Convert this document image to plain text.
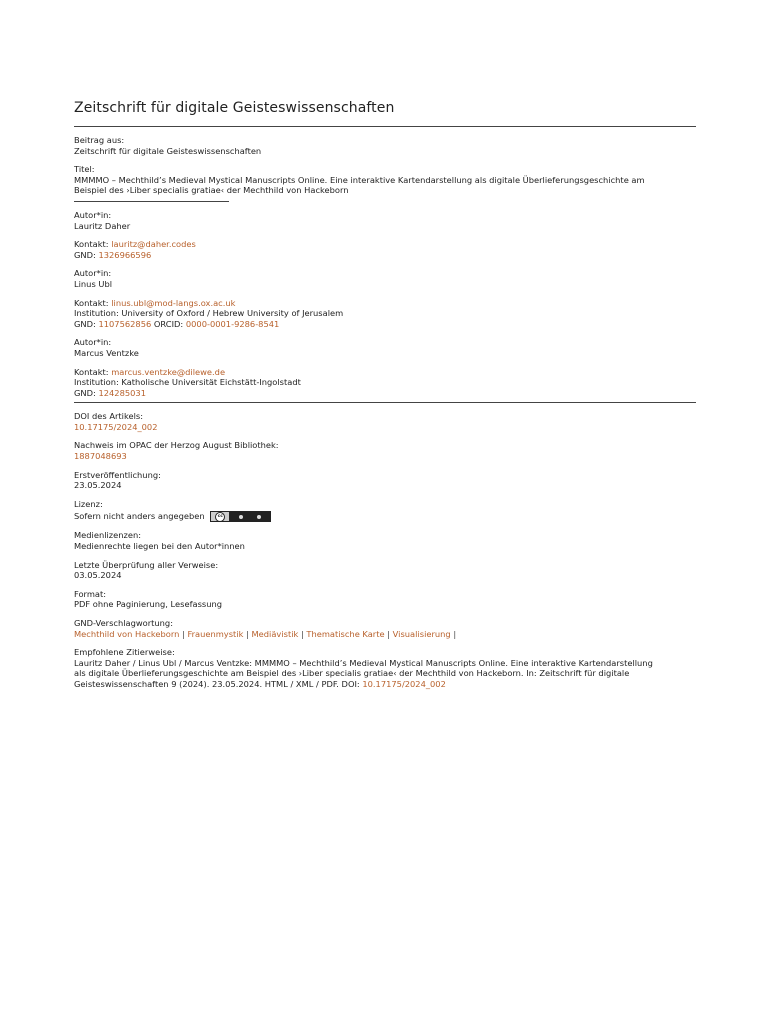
Zeitschrift für digitale Geisteswissenschaften
Beitrag aus:
Zeitschrift für digitale Geisteswissenschaften
Titel:
MMMMO – Mechthild’s Medieval Mystical Manuscripts Online. Eine interaktive Kartendarstellung als digitale Überlieferungsgeschichte am
Beispiel des ›Liber specialis gratiae‹ der Mechthild von Hackeborn
Autor*in:
Lauritz Daher
Kontakt: lauritz@daher.codes
GND: 1326966596
Autor*in:
Linus Ubl
Kontakt: linus.ubl@mod-langs.ox.ac.uk
Institution: University of Oxford / Hebrew University of Jerusalem
GND: 1107562856 ORCID: 0000-0001-9286-8541
Autor*in:
Marcus Ventzke
Kontakt: marcus.ventzke@dilewe.de
Institution: Katholische Universität Eichstätt-Ingolstadt
GND: 124285031
DOI des Artikels:
10.17175/2024_002
Nachweis im OPAC der Herzog August Bibliothek:
1887048693
Erstveröffentlichung:
23.05.2024
Lizenz:
Sofern nicht anders angegeben	cc
Medienlizenzen:
Medienrechte liegen bei den Autor*innen
Letzte Überprüfung aller Verweise:
03.05.2024
Format:
PDF ohne Paginierung, Lesefassung
GND-Verschlagwortung:
Mechthild von Hackeborn | Frauenmystik | Mediävistik | Thematische Karte | Visualisierung |
Empfohlene Zitierweise:
Lauritz Daher / Linus Ubl / Marcus Ventzke: MMMMO – Mechthild’s Medieval Mystical Manuscripts Online. Eine interaktive Kartendarstellung
als digitale Überlieferungsgeschichte am Beispiel des ›Liber specialis gratiae‹ der Mechthild von Hackeborn. In: Zeitschrift für digitale
Geisteswissenschaften 9 (2024). 23.05.2024. HTML / XML / PDF. DOI: 10.17175/2024_002
